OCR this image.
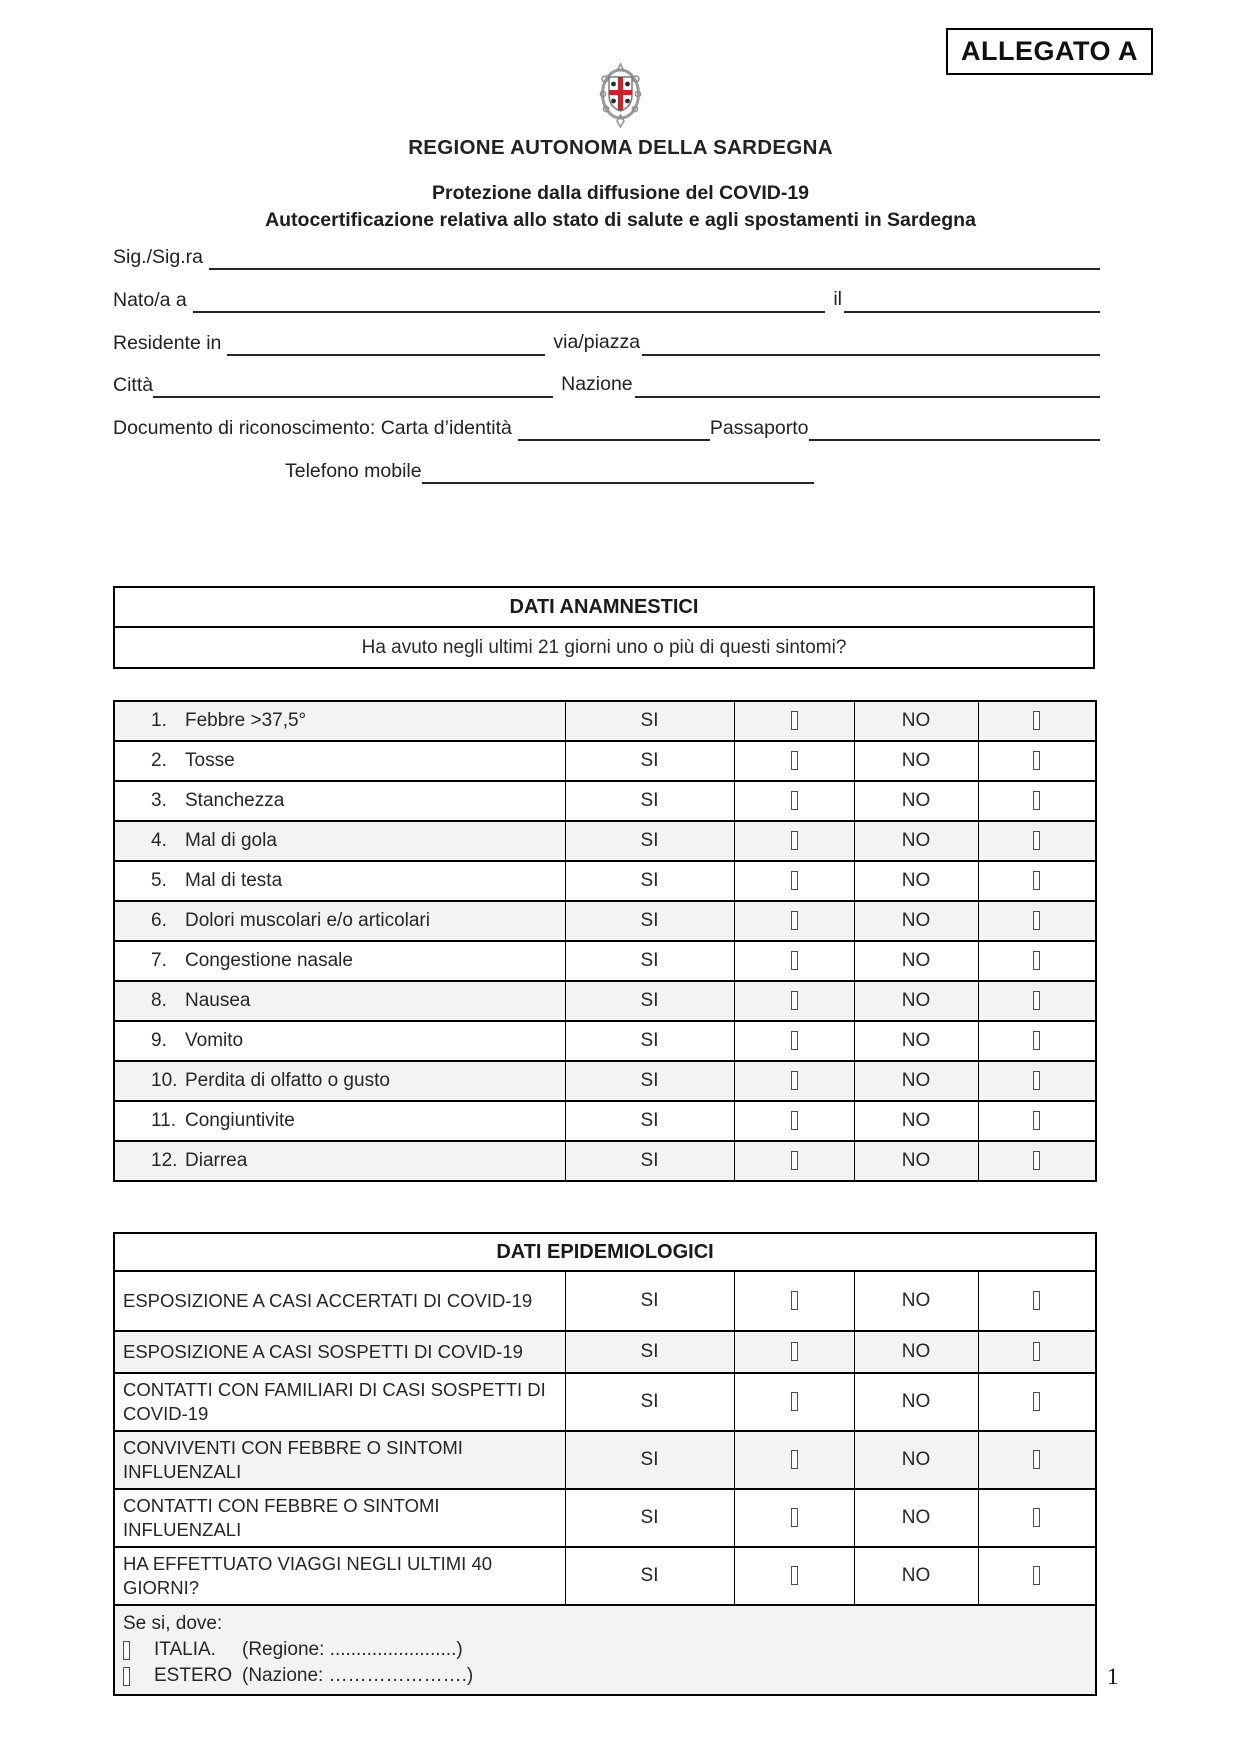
ALLEGATO A
REGIONE AUTONOMA DELLA SARDEGNA
Protezione dalla diffusione del COVID-19
Autocertificazione relativa allo stato di salute e agli spostamenti in Sardegna
Sig./Sig.ra
Nato/a a	il
Residente in	via/piazza
Città	Nazione
Documento di riconoscimento: Carta d’identità	Passaporto
Telefono mobile
DATI ANAMNESTICI
Ha avuto negli ultimi 21 giorni uno o più di questi sintomi?
1. Febbre >37,5°	SI		NO	
2. Tosse	SI		NO	
3. Stanchezza	SI		NO	
4. Mal di gola	SI		NO	
5. Mal di testa	SI		NO	
6. Dolori muscolari e/o articolari	SI		NO	
7. Congestione nasale	SI		NO	
8. Nausea	SI		NO	
9. Vomito	SI		NO	
10. Perdita di olfatto o gusto	SI		NO	
11. Congiuntivite	SI		NO	
12. Diarrea	SI		NO	
DATI EPIDEMIOLOGICI				
ESPOSIZIONE A CASI ACCERTATI DI COVID-19	SI		NO	
ESPOSIZIONE A CASI SOSPETTI DI COVID-19	SI		NO	
CONTATTI CON FAMILIARI DI CASI SOSPETTI DI COVID-19	SI		NO	
CONVIVENTI CON FEBBRE O SINTOMI INFLUENZALI	SI		NO	
CONTATTI CON FEBBRE O SINTOMI INFLUENZALI	SI		NO	
HA EFFETTUATO VIAGGI NEGLI ULTIMI 40 GIORNI?	SI		NO	

Se si, dove:
ITALIA. (Regione: ........................)
ESTERO (Nazione: ………………….)					1
